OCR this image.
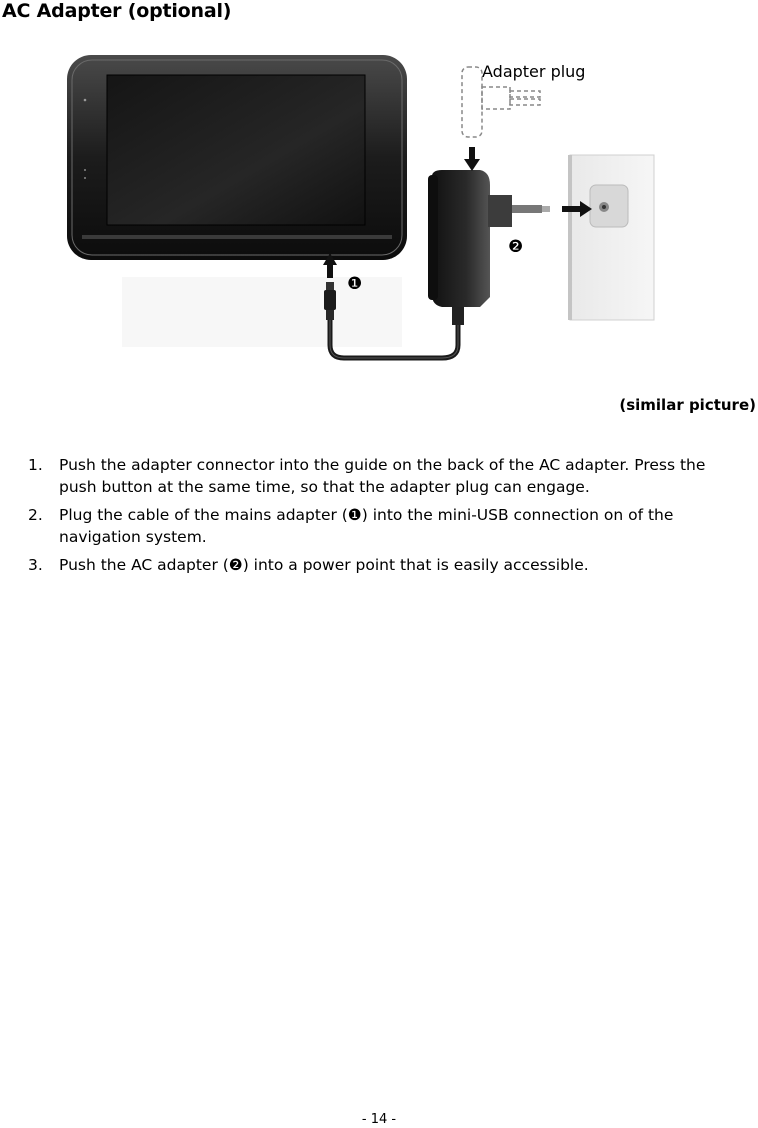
AC Adapter (optional)
Adapter plug
❶
❷
(similar picture)
1. Push the adapter connector into the guide on the back of the AC adapter. Press the push button at the same time, so that the adapter plug can engage.
2. Plug the cable of the mains adapter (❶) into the mini-USB connection on of the navigation system.
3. Push the AC adapter (❷) into a power point that is easily accessible.
- 14 -
